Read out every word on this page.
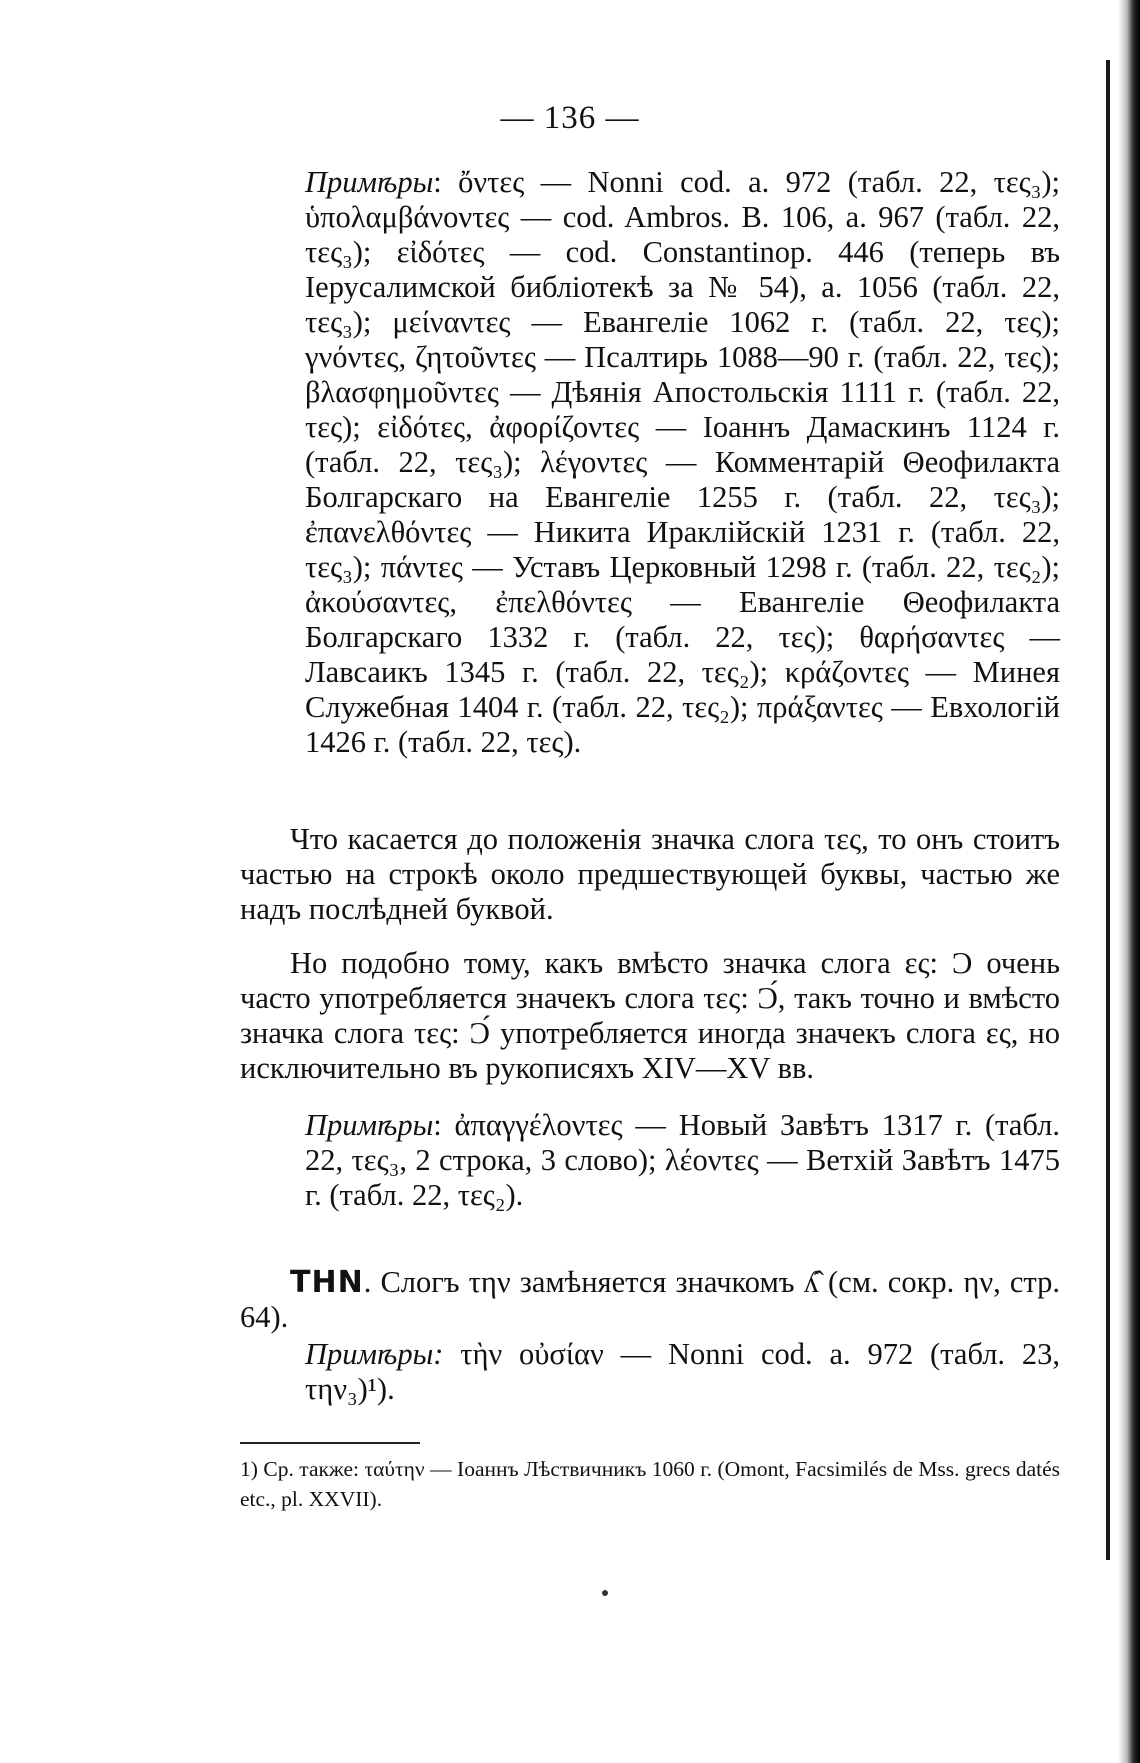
— 136 —

Примѣры: ὄντες — Nonni cod. a. 972 (табл. 22, τες₃); ὑπολαμβάνοντες — cod. Ambros. B. 106, a. 967 (табл. 22, τες₃); εἰδότες — cod. Constantinop. 446 (теперь въ Іерусалимской библіотекѣ за № 54), a. 1056 (табл. 22, τες₃); μείναντες — Евангеліе 1062 г. (табл. 22, τες); γνόντες, ζητοῦντες — Псалтирь 1088—90 г. (табл. 22, τες); βλασφημοῦντες — Дѣянія Апостольскія 1111 г. (табл. 22, τες); εἰδότες, ἀφορίζοντες — Іоаннъ Дамаскинъ 1124 г. (табл. 22, τες₃); λέγοντες — Комментарій Θеофилакта Болгарскаго на Евангеліе 1255 г. (табл. 22, τες₃); ἐπανελθόντες — Никита Ираклійскій 1231 г. (табл. 22, τες₃); πάντες — Уставъ Церковный 1298 г. (табл. 22, τες₂); ἀκούσαντες, ἐπελθόντες — Евангеліе Θеофилакта Болгарскаго 1332 г. (табл. 22, τες); θαρήσαντες — Лавсаикъ 1345 г. (табл. 22, τες₂); κράζοντες — Минея Служебная 1404 г. (табл. 22, τες₂); πράξαντες — Евхологій 1426 г. (табл. 22, τες).

Что касается до положенія значка слога τες, то онъ стоитъ частью на строкѣ около предшествующей буквы, частью же надъ послѣдней буквой.

Но подобно тому, какъ вмѣсто значка слога ες: Ͻ очень часто употребляется значекъ слога τες: Ͻ́, такъ точно и вмѣсто значка слога τες: Ͻ́ употребляется иногда значекъ слога ες, но исключительно въ рукописяхъ XIV—XV вв.

Примѣры: ἀπαγγέλοντες — Новый Завѣтъ 1317 г. (табл. 22, τες₃, 2 строка, 3 слово); λέοντες — Ветхій Завѣтъ 1475 г. (табл. 22, τες₂).

ΤΗΝ. Слогъ την замѣняется значкомъ ʎ̂ (см. сокр. ην, стр. 64).

Примѣры: τὴν οὐσίαν — Nonni cod. a. 972 (табл. 23, την₃)¹).

1) Ср. также: ταύτην — Іоаннъ Лѣствичникъ 1060 г. (Omont, Facsimilés de Mss. grecs datés etc., pl. XXVII).
